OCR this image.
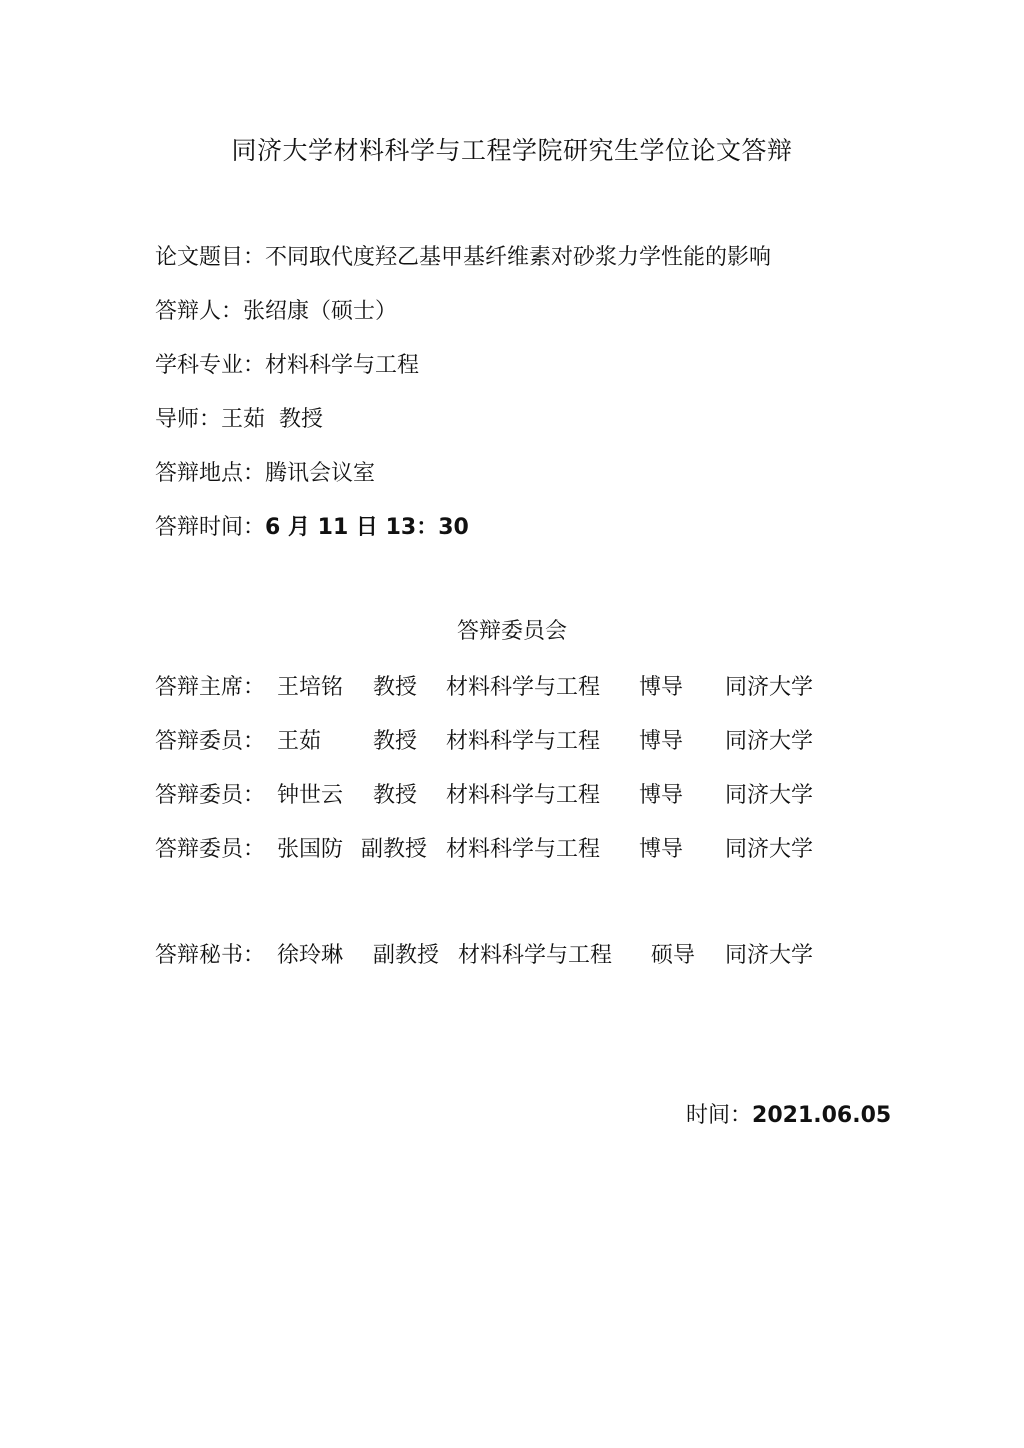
同济大学材料科学与工程学院研究生学位论文答辩
论文题目：不同取代度羟乙基甲基纤维素对砂浆力学性能的影响
答辩人：张绍康（硕士）
学科专业：材料科学与工程
导师：王茹  教授
答辩地点：腾讯会议室
答辩时间：6 月 11 日 13：30
答辩委员会
答辩主席： 王培铭 教授 材料科学与工程 博导 同济大学
答辩委员： 王茹 教授 材料科学与工程 博导 同济大学
答辩委员： 钟世云 教授 材料科学与工程 博导 同济大学
答辩委员： 张国防 副教授 材料科学与工程 博导 同济大学
答辩秘书： 徐玲琳 副教授 材料科学与工程 硕导 同济大学
时间：2021.06.05
